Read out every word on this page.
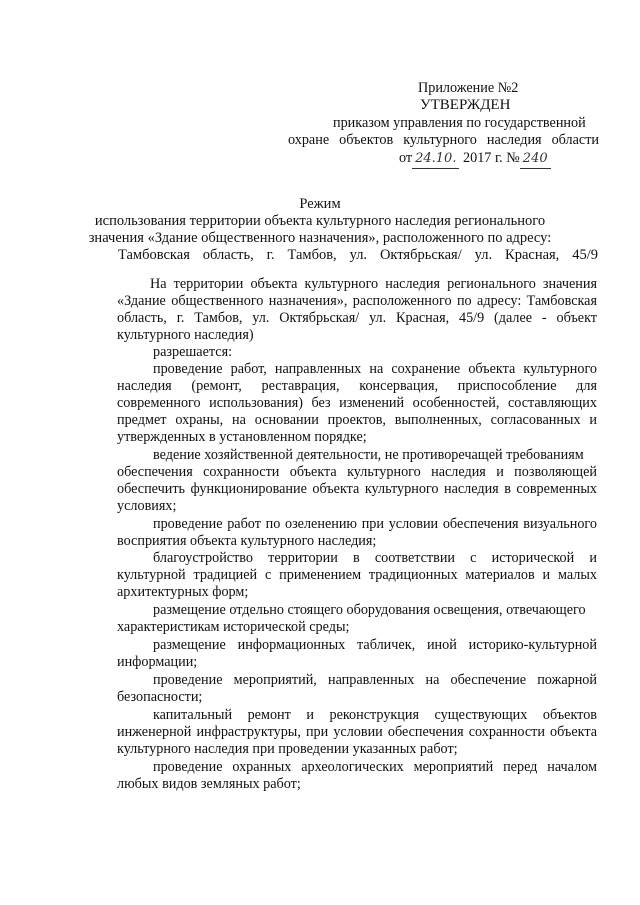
Приложение №2
УТВЕРЖДЕН
приказом управления по государственной
охране объектов культурного наследия области
от 24.10. 2017 г. № 240
Режим
использования территории объекта культурного наследия регионального
значения «Здание общественного назначения», расположенного по адресу:
Тамбовская область, г. Тамбов, ул. Октябрьская/ ул. Красная, 45/9
На территории объекта культурного наследия регионального значения
«Здание общественного назначения», расположенного по адресу: Тамбовская
область, г. Тамбов, ул. Октябрьская/ ул. Красная, 45/9 (далее - объект
культурного наследия)
разрешается:
проведение работ, направленных на сохранение объекта культурного
наследия (ремонт, реставрация, консервация, приспособление для
современного использования) без изменений особенностей, составляющих
предмет охраны, на основании проектов, выполненных, согласованных и
утвержденных в установленном порядке;
ведение хозяйственной деятельности, не противоречащей требованиям
обеспечения сохранности объекта культурного наследия и позволяющей
обеспечить функционирование объекта культурного наследия в современных
условиях;
проведение работ по озеленению при условии обеспечения визуального
восприятия объекта культурного наследия;
благоустройство территории в соответствии с исторической и
культурной традицией с применением традиционных материалов и малых
архитектурных форм;
размещение отдельно стоящего оборудования освещения, отвечающего
характеристикам исторической среды;
размещение информационных табличек, иной историко-культурной
информации;
проведение мероприятий, направленных на обеспечение пожарной
безопасности;
капитальный ремонт и реконструкция существующих объектов
инженерной инфраструктуры, при условии обеспечения сохранности объекта
культурного наследия при проведении указанных работ;
проведение охранных археологических мероприятий перед началом
любых видов земляных работ;
